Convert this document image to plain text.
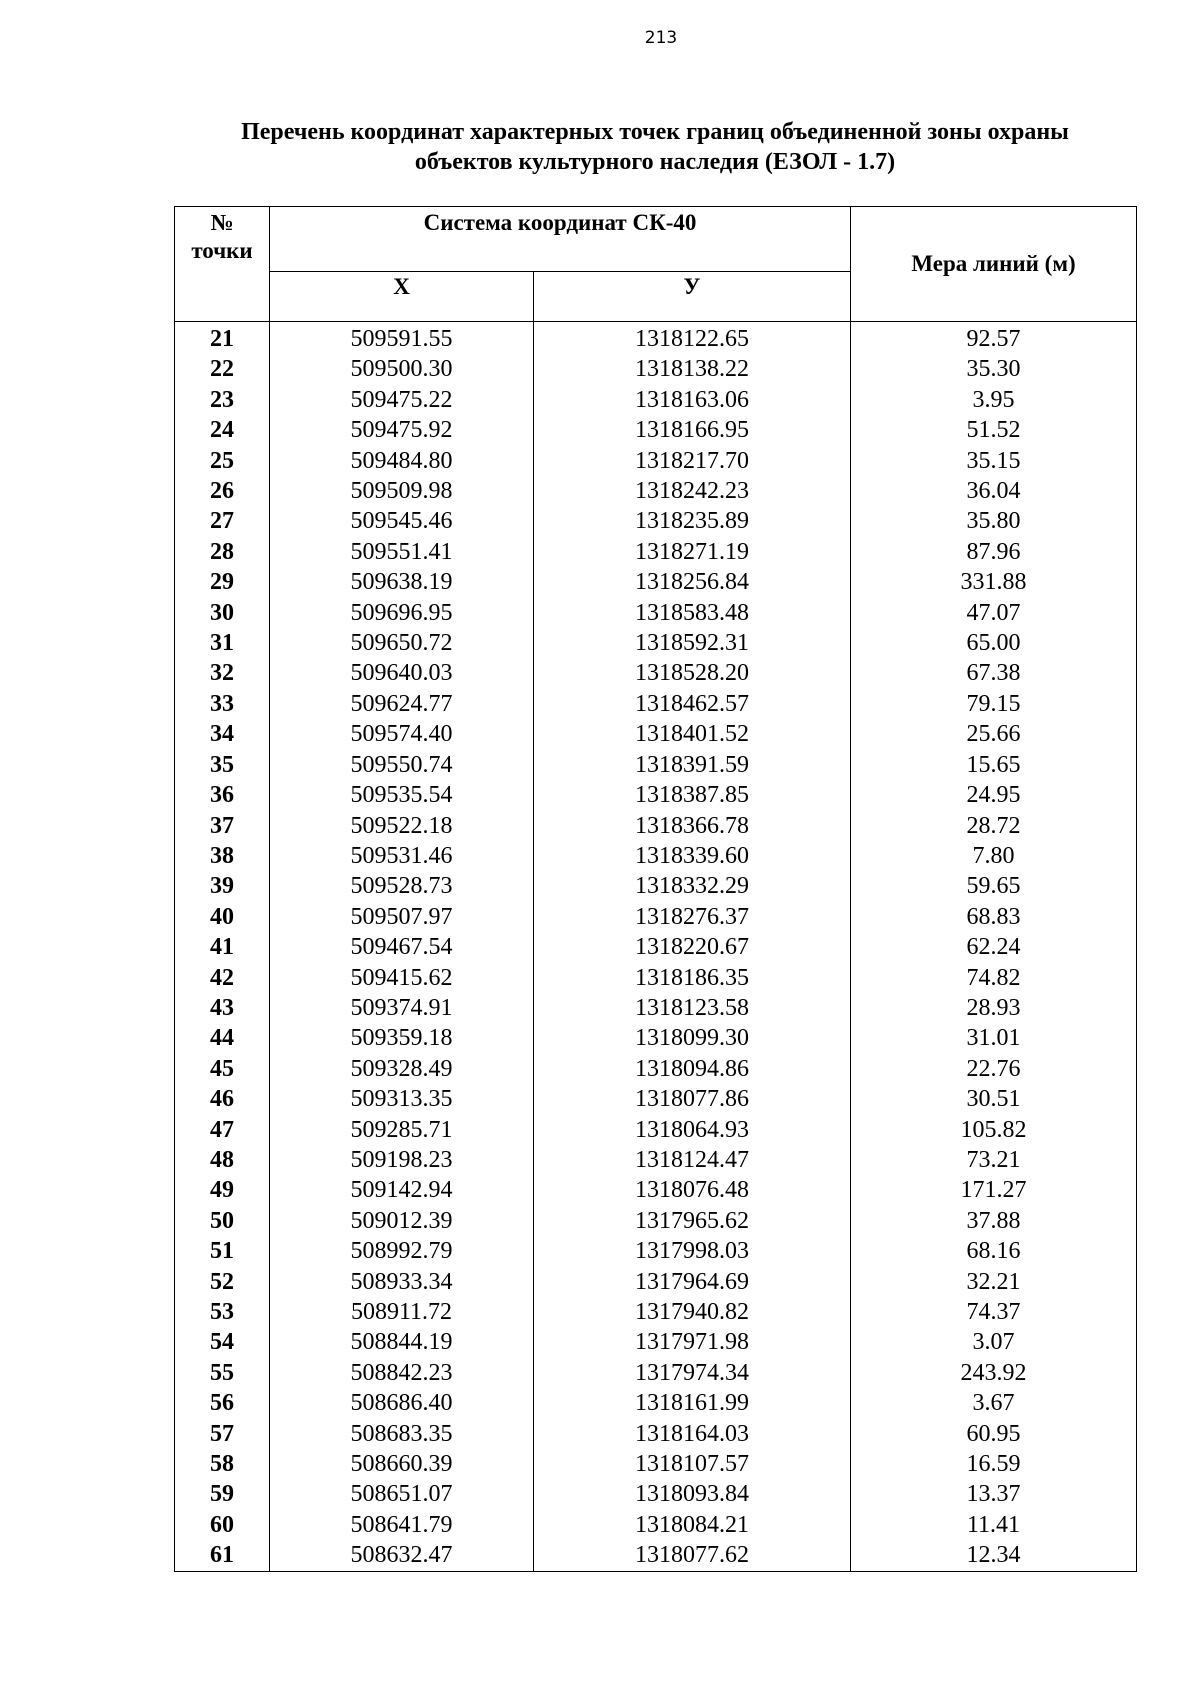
213
Перечень координат характерных точек границ объединенной зоны охраны
объектов культурного наследия (ЕЗОЛ - 1.7)
№
точки	Система координат СК-40		Мера линий (м)
	Х	У	
21	509591.55	1318122.65	92.57
22	509500.30	1318138.22	35.30
23	509475.22	1318163.06	3.95
24	509475.92	1318166.95	51.52
25	509484.80	1318217.70	35.15
26	509509.98	1318242.23	36.04
27	509545.46	1318235.89	35.80
28	509551.41	1318271.19	87.96
29	509638.19	1318256.84	331.88
30	509696.95	1318583.48	47.07
31	509650.72	1318592.31	65.00
32	509640.03	1318528.20	67.38
33	509624.77	1318462.57	79.15
34	509574.40	1318401.52	25.66
35	509550.74	1318391.59	15.65
36	509535.54	1318387.85	24.95
37	509522.18	1318366.78	28.72
38	509531.46	1318339.60	7.80
39	509528.73	1318332.29	59.65
40	509507.97	1318276.37	68.83
41	509467.54	1318220.67	62.24
42	509415.62	1318186.35	74.82
43	509374.91	1318123.58	28.93
44	509359.18	1318099.30	31.01
45	509328.49	1318094.86	22.76
46	509313.35	1318077.86	30.51
47	509285.71	1318064.93	105.82
48	509198.23	1318124.47	73.21
49	509142.94	1318076.48	171.27
50	509012.39	1317965.62	37.88
51	508992.79	1317998.03	68.16
52	508933.34	1317964.69	32.21
53	508911.72	1317940.82	74.37
54	508844.19	1317971.98	3.07
55	508842.23	1317974.34	243.92
56	508686.40	1318161.99	3.67
57	508683.35	1318164.03	60.95
58	508660.39	1318107.57	16.59
59	508651.07	1318093.84	13.37
60	508641.79	1318084.21	11.41
61	508632.47	1318077.62	12.34
